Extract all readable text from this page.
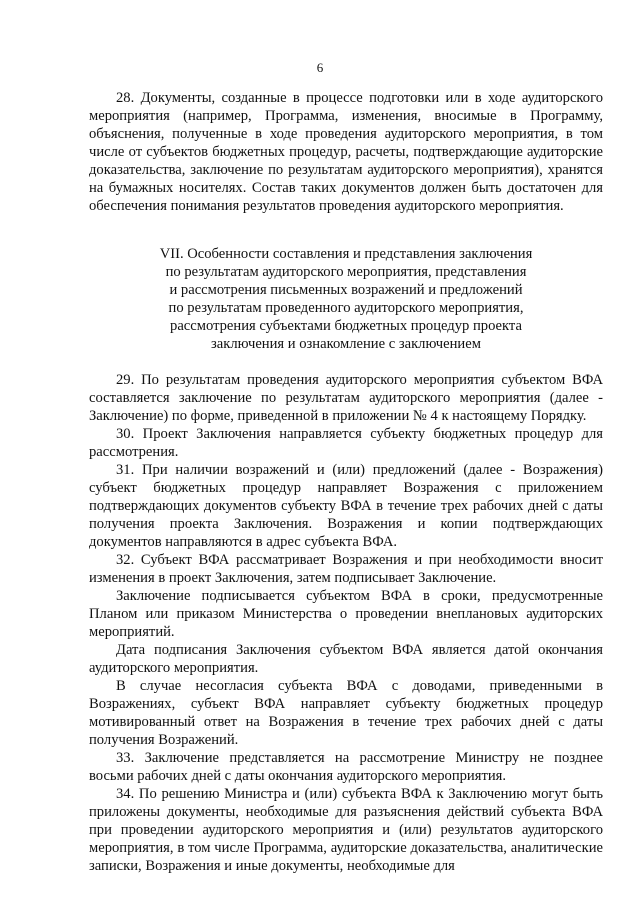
6

28. Документы, созданные в процессе подготовки или в ходе аудиторского мероприятия (например, Программа, изменения, вносимые в Программу, объяснения, полученные в ходе проведения аудиторского мероприятия, в том числе от субъектов бюджетных процедур, расчеты, подтверждающие аудиторские доказательства, заключение по результатам аудиторского мероприятия), хранятся на бумажных носителях. Состав таких документов должен быть достаточен для обеспечения понимания результатов проведения аудиторского мероприятия.

VII. Особенности составления и представления заключения
по результатам аудиторского мероприятия, представления
и рассмотрения письменных возражений и предложений
по результатам проведенного аудиторского мероприятия,
рассмотрения субъектами бюджетных процедур проекта
заключения и ознакомление с заключением

29. По результатам проведения аудиторского мероприятия субъектом ВФА составляется заключение по результатам аудиторского мероприятия (далее - Заключение) по форме, приведенной в приложении № 4 к настоящему Порядку.

30. Проект Заключения направляется субъекту бюджетных процедур для рассмотрения.

31. При наличии возражений и (или) предложений (далее - Возражения) субъект бюджетных процедур направляет Возражения с приложением подтверждающих документов субъекту ВФА в течение трех рабочих дней с даты получения проекта Заключения. Возражения и копии подтверждающих документов направляются в адрес субъекта ВФА.

32. Субъект ВФА рассматривает Возражения и при необходимости вносит изменения в проект Заключения, затем подписывает Заключение.

Заключение подписывается субъектом ВФА в сроки, предусмотренные Планом или приказом Министерства о проведении внеплановых аудиторских мероприятий.

Дата подписания Заключения субъектом ВФА является датой окончания аудиторского мероприятия.

В случае несогласия субъекта ВФА с доводами, приведенными в Возражениях, субъект ВФА направляет субъекту бюджетных процедур мотивированный ответ на Возражения в течение трех рабочих дней с даты получения Возражений.

33. Заключение представляется на рассмотрение Министру не позднее восьми рабочих дней с даты окончания аудиторского мероприятия.

34. По решению Министра и (или) субъекта ВФА к Заключению могут быть приложены документы, необходимые для разъяснения действий субъекта ВФА при проведении аудиторского мероприятия и (или) результатов аудиторского мероприятия, в том числе Программа, аудиторские доказательства, аналитические записки, Возражения и иные документы, необходимые для
